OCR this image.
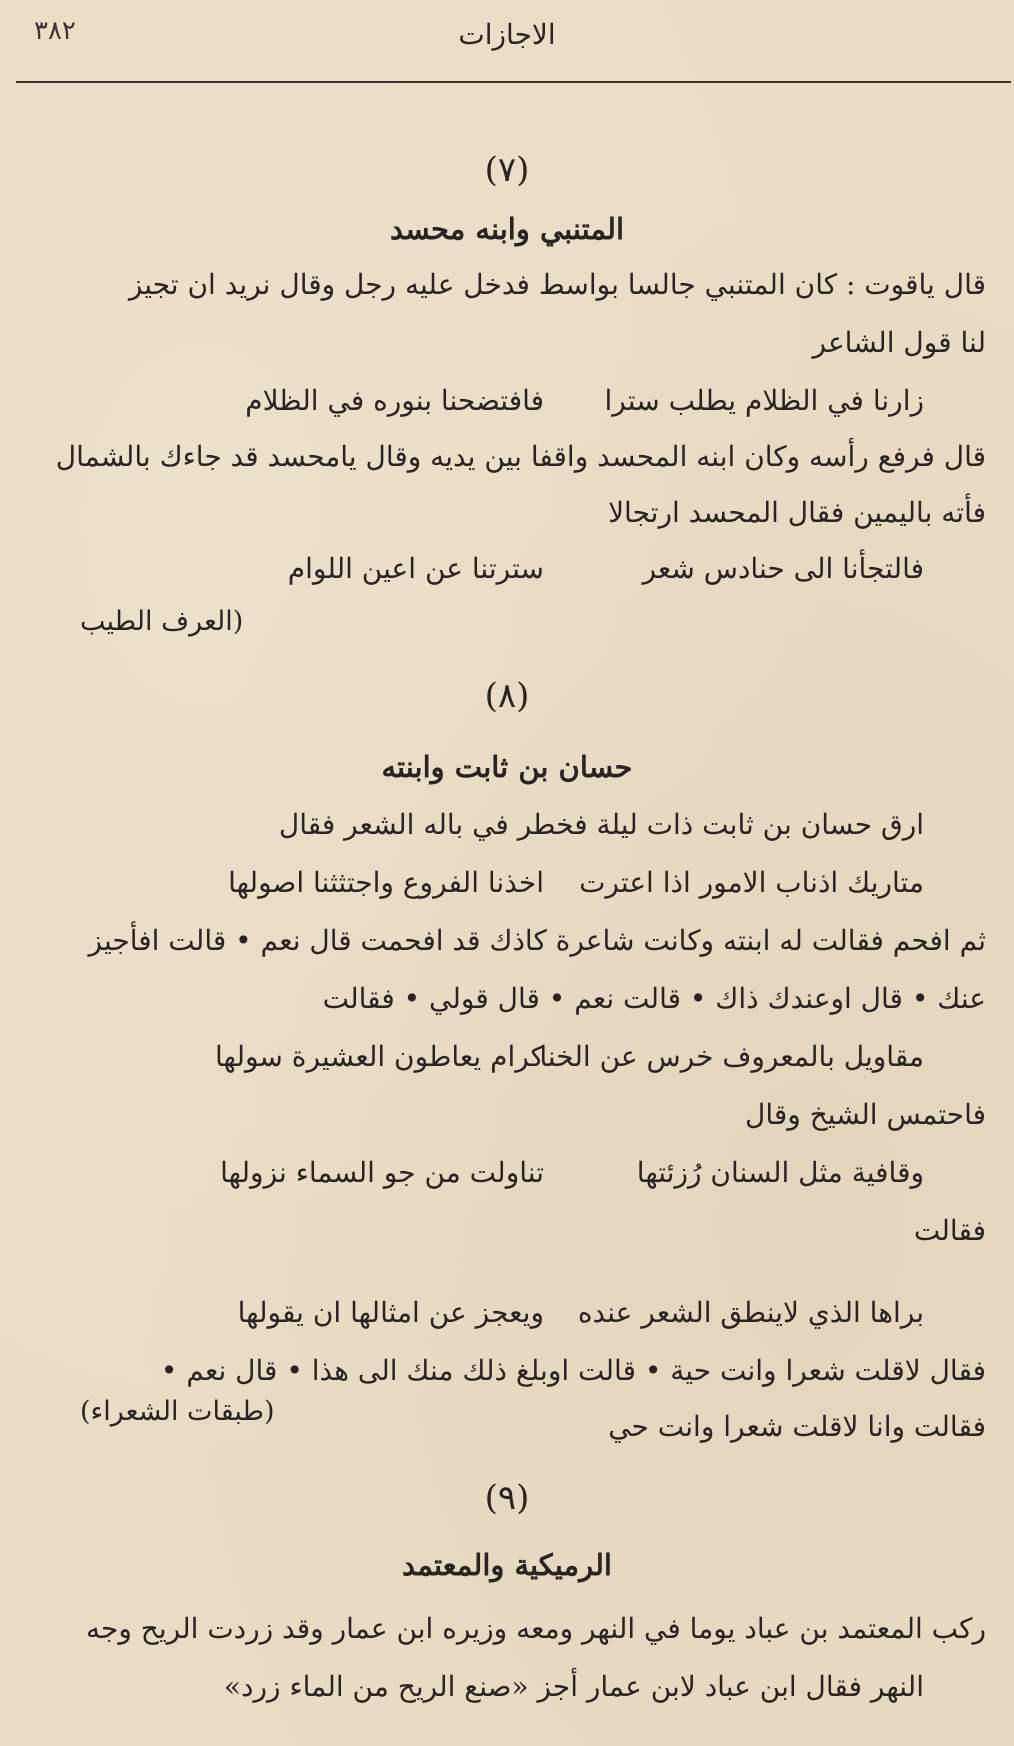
٣٨٢	الاجازات
(٧)
المتنبي وابنه محسد
قال ياقوت : كان المتنبي جالسا بواسط فدخل عليه رجل وقال نريد ان تجيز
لنا قول الشاعر
زارنا في الظلام يطلب سترا
فافتضحنا بنوره في الظلام
قال فرفع رأسه وكان ابنه المحسد واقفا بين يديه وقال يامحسد قد جاءك بالشمال
فأته باليمين فقال المحسد ارتجالا
فالتجأنا الى حنادس شعر
سترتنا عن اعين اللوام
(العرف الطيب
(٨)
حسان بن ثابت وابنته
ارق حسان بن ثابت ذات ليلة فخطر في باله الشعر فقال
متاريك اذناب الامور اذا اعترت
اخذنا الفروع واجتثثنا اصولها
ثم افحم فقالت له ابنته وكانت شاعرة كاذك قد افحمت قال نعم • قالت افأجيز
عنك • قال اوعندك ذاك • قالت نعم • قال قولي • فقالت
مقاويل بالمعروف خرس عن الخنا
كرام يعاطون العشيرة سولها
فاحتمس الشيخ وقال
وقافية مثل السنان رُزئتها
تناولت من جو السماء نزولها
فقالت
براها الذي لاينطق الشعر عنده
ويعجز عن امثالها ان يقولها
فقال لاقلت شعرا وانت حية • قالت اوبلغ ذلك منك الى هذا • قال نعم •
فقالت وانا لاقلت شعرا وانت حي
(طبقات الشعراء)
(٩)
الرميكية والمعتمد
ركب المعتمد بن عباد يوما في النهر ومعه وزيره ابن عمار وقد زردت الريح وجه
النهر فقال ابن عباد لابن عمار أجز «صنع الريح من الماء زرد»
